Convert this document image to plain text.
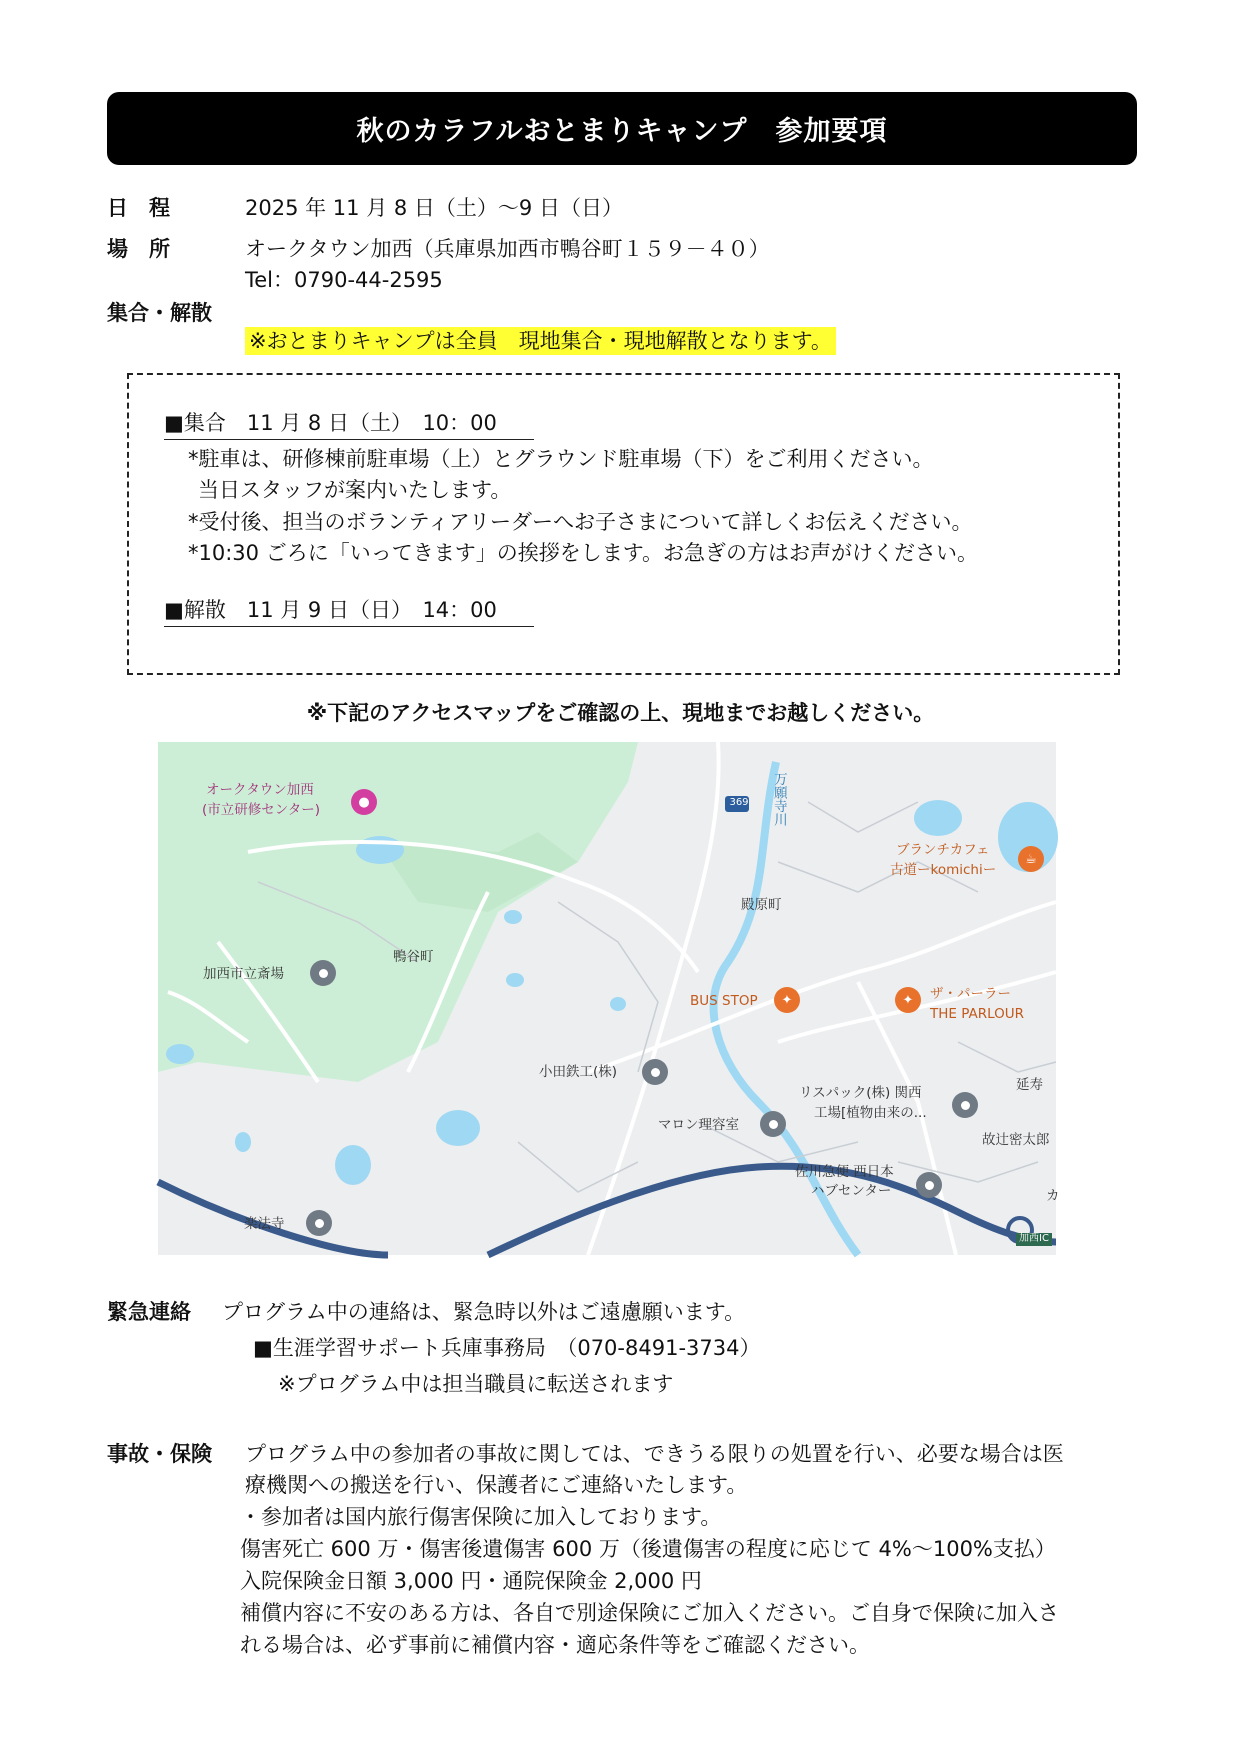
秋のカラフルおとまりキャンプ　参加要項
日　程	2025 年 11 月 8 日（土）～9 日（日）
場　所	オークタウン加西（兵庫県加西市鴨谷町１５９－４０）
Tel：0790-44-2595
集合・解散
※おとまりキャンプは全員　現地集合・現地解散となります。
■集合　11 月 8 日（土）　10：00
*駐車は、研修棟前駐車場（上）とグラウンド駐車場（下）をご利用ください。
当日スタッフが案内いたします。
*受付後、担当のボランティアリーダーへお子さまについて詳しくお伝えください。
*10:30 ごろに「いってきます」の挨拶をします。お急ぎの方はお声がけください。
■解散　11 月 9 日（日）　14：00
※下記のアクセスマップをご確認の上、現地までお越しください。
オークタウン加西
(市立研修センター)	●	369 万願寺川
ブランチカフェ
古道ーkomichiー
☕
殿原町
鴨谷町
加西市立斎場
BUS STOP	✦	ザ・パーラー
THE PARLOUR
✦
小田鉄工(株)
リスパック(株) 関西
工場[植物由来の...
延寿
マロン理容室
故辻密太郎
佐川急便 西日本
ハブセンター
楽法寺
カ
加西IC
緊急連絡 プログラム中の連絡は、緊急時以外はご遠慮願います。
■生涯学習サポート兵庫事務局　（070-8491-3734）
※プログラム中は担当職員に転送されます
事故・保険 プログラム中の参加者の事故に関しては、できうる限りの処置を行い、必要な場合は医
療機関への搬送を行い、保護者にご連絡いたします。
・参加者は国内旅行傷害保険に加入しております。
傷害死亡 600 万・傷害後遺傷害 600 万（後遺傷害の程度に応じて 4%～100%支払）
入院保険金日額 3,000 円・通院保険金 2,000 円
補償内容に不安のある方は、各自で別途保険にご加入ください。ご自身で保険に加入さ
れる場合は、必ず事前に補償内容・適応条件等をご確認ください。
